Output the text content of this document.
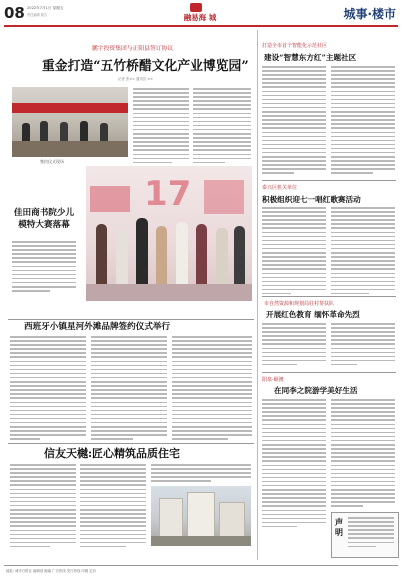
08 2022年7月1日 星期五
责任编辑 版式	融易海 城	城事·楼市
鹏宇投资集团与正阳县签订协议
重金打造“五竹桥醋文化产业博览园”
记者 张×× 通讯员 ××
签约仪式现场
佳田商书院少儿模特大赛落幕
17
西班牙小镇星河外滩品牌签约仪式举行
信友天樾:匠心精筑品质住宅
打造全市首个智能化示范社区
建设“智慧东方红”主题社区
泰兴区机关单位
积极组织迎七一唱红歌赛活动
市自然资源和规划局驻村帮扶队
开展红色教育 缅怀革命先烈
阳泉·颐澳
在同李之院游学美好生活
声明
地址: 城市日报社 编辑部 邮编 广告热线 发行热线 印刷 定价
